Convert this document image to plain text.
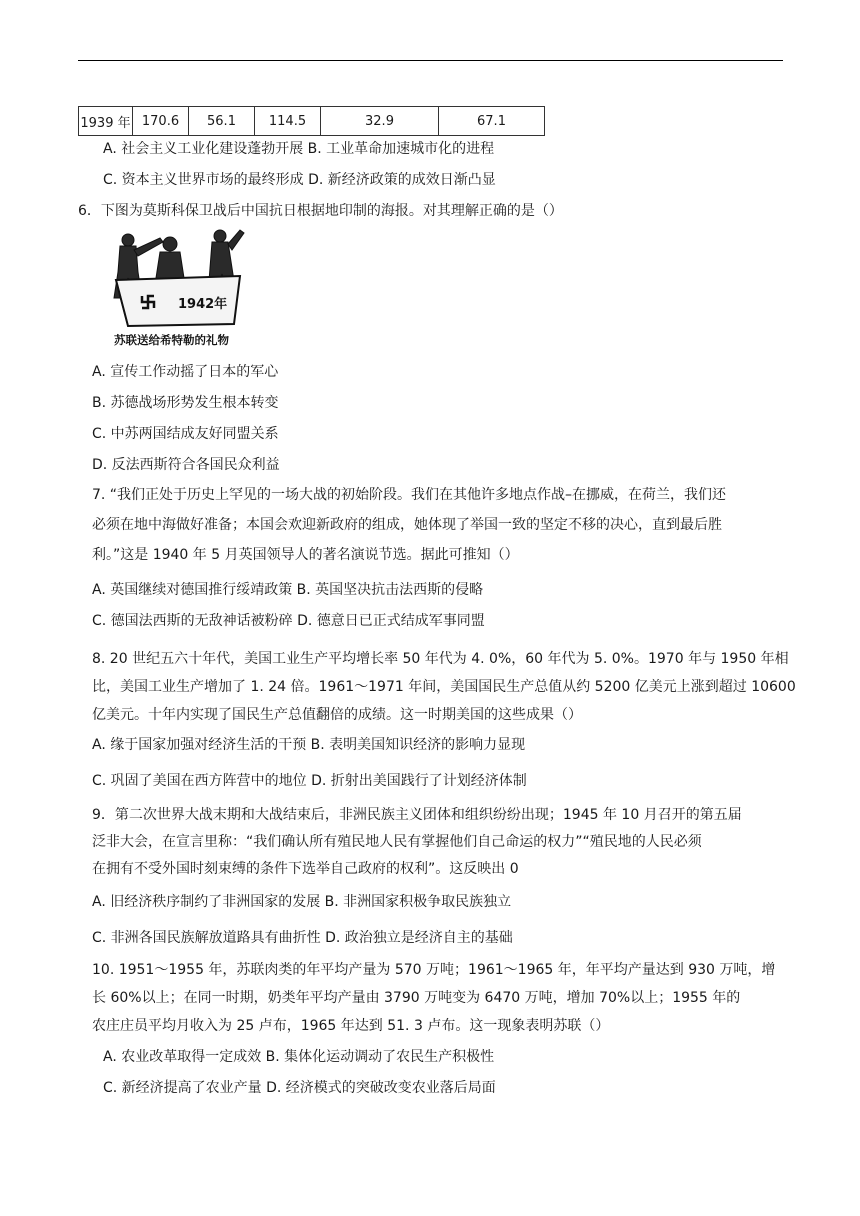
1939 年	170.6	56.1	114.5	32.9	67.1
A. 社会主义工业化建设蓬勃开展 B. 工业革命加速城市化的进程
C. 资本主义世界市场的最终形成 D. 新经济政策的成效日渐凸显
6．下图为莫斯科保卫战后中国抗日根据地印制的海报。对其理解正确的是（）
1942年
苏联送给希特勒的礼物
A. 宣传工作动摇了日本的军心
B. 苏德战场形势发生根本转变
C. 中苏两国结成友好同盟关系
D. 反法西斯符合各国民众利益
7. “我们正处于历史上罕见的一场大战的初始阶段。我们在其他许多地点作战–在挪威，在荷兰，我们还
必须在地中海做好准备；本国会欢迎新政府的组成，她体现了举国一致的坚定不移的决心，直到最后胜
利。”这是 1940 年 5 月英国领导人的著名演说节选。据此可推知（）
A. 英国继续对德国推行绥靖政策 B. 英国坚决抗击法西斯的侵略
C. 德国法西斯的无敌神话被粉碎 D. 德意日已正式结成军事同盟
8. 20 世纪五六十年代，美国工业生产平均增长率 50 年代为 4. 0%，60 年代为 5. 0%。1970 年与 1950 年相
比，美国工业生产增加了 1. 24 倍。1961～1971 年间，美国国民生产总值从约 5200 亿美元上涨到超过 10600
亿美元。十年内实现了国民生产总值翻倍的成绩。这一时期美国的这些成果（）
A. 缘于国家加强对经济生活的干预 B. 表明美国知识经济的影响力显现
C. 巩固了美国在西方阵营中的地位 D. 折射出美国践行了计划经济体制
9．第二次世界大战末期和大战结束后，非洲民族主义团体和组织纷纷出现；1945 年 10 月召开的第五届
泛非大会，在宣言里称：“我们确认所有殖民地人民有掌握他们自己命运的权力”“殖民地的人民必须
在拥有不受外国时刻束缚的条件下选举自己政府的权利”。这反映出 0
A. 旧经济秩序制约了非洲国家的发展 B. 非洲国家积极争取民族独立
C. 非洲各国民族解放道路具有曲折性 D. 政治独立是经济自主的基础
10. 1951～1955 年，苏联肉类的年平均产量为 570 万吨；1961～1965 年，年平均产量达到 930 万吨，增
长 60%以上；在同一时期，奶类年平均产量由 3790 万吨变为 6470 万吨，增加 70%以上；1955 年的
农庄庄员平均月收入为 25 卢布，1965 年达到 51. 3 卢布。这一现象表明苏联（）
A. 农业改革取得一定成效 B. 集体化运动调动了农民生产积极性
C. 新经济提高了农业产量 D. 经济模式的突破改变农业落后局面
